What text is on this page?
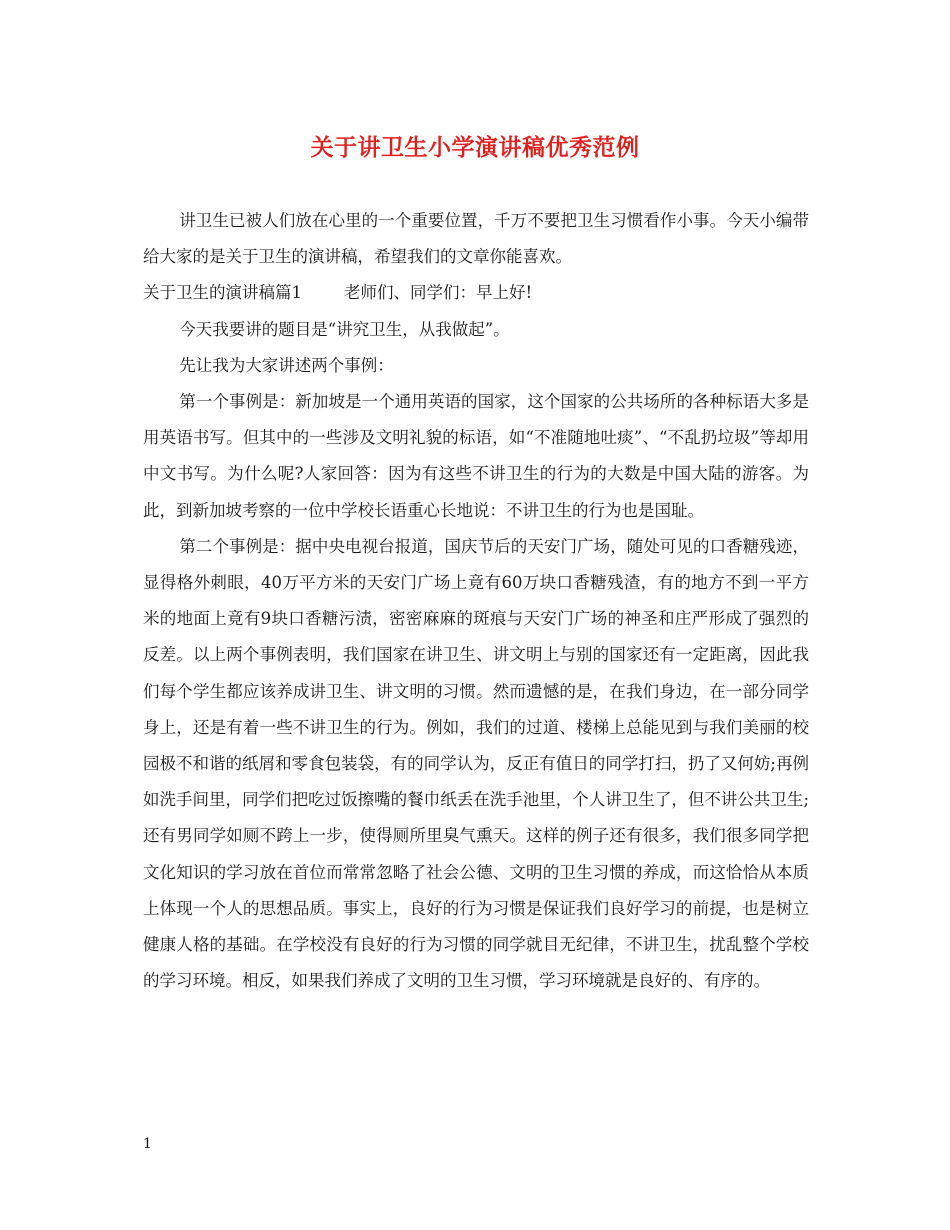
关于讲卫生小学演讲稿优秀范例

讲卫生已被人们放在心里的一个重要位置，千万不要把卫生习惯看作小事。今天小编带给大家的是关于卫生的演讲稿，希望我们的文章你能喜欢。

关于卫生的演讲稿篇1	老师们、同学们：早上好!

今天我要讲的题目是“讲究卫生，从我做起”。

先让我为大家讲述两个事例：

第一个事例是：新加坡是一个通用英语的国家，这个国家的公共场所的各种标语大多是用英语书写。但其中的一些涉及文明礼貌的标语，如“不准随地吐痰”、“不乱扔垃圾”等却用中文书写。为什么呢?人家回答：因为有这些不讲卫生的行为的大数是中国大陆的游客。为此，到新加坡考察的一位中学校长语重心长地说：不讲卫生的行为也是国耻。

第二个事例是：据中央电视台报道，国庆节后的天安门广场，随处可见的口香糖残迹，显得格外刺眼，40万平方米的天安门广场上竟有60万块口香糖残渣，有的地方不到一平方米的地面上竟有9块口香糖污渍，密密麻麻的斑痕与天安门广场的神圣和庄严形成了强烈的反差。以上两个事例表明，我们国家在讲卫生、讲文明上与别的国家还有一定距离，因此我们每个学生都应该养成讲卫生、讲文明的习惯。然而遗憾的是，在我们身边，在一部分同学身上，还是有着一些不讲卫生的行为。例如，我们的过道、楼梯上总能见到与我们美丽的校园极不和谐的纸屑和零食包装袋，有的同学认为，反正有值日的同学打扫，扔了又何妨;再例如洗手间里，同学们把吃过饭擦嘴的餐巾纸丢在洗手池里，个人讲卫生了，但不讲公共卫生;还有男同学如厕不跨上一步，使得厕所里臭气熏天。这样的例子还有很多，我们很多同学把文化知识的学习放在首位而常常忽略了社会公德、文明的卫生习惯的养成，而这恰恰从本质上体现一个人的思想品质。事实上，良好的行为习惯是保证我们良好学习的前提，也是树立健康人格的基础。在学校没有良好的行为习惯的同学就目无纪律，不讲卫生，扰乱整个学校的学习环境。相反，如果我们养成了文明的卫生习惯，学习环境就是良好的、有序的。

1
